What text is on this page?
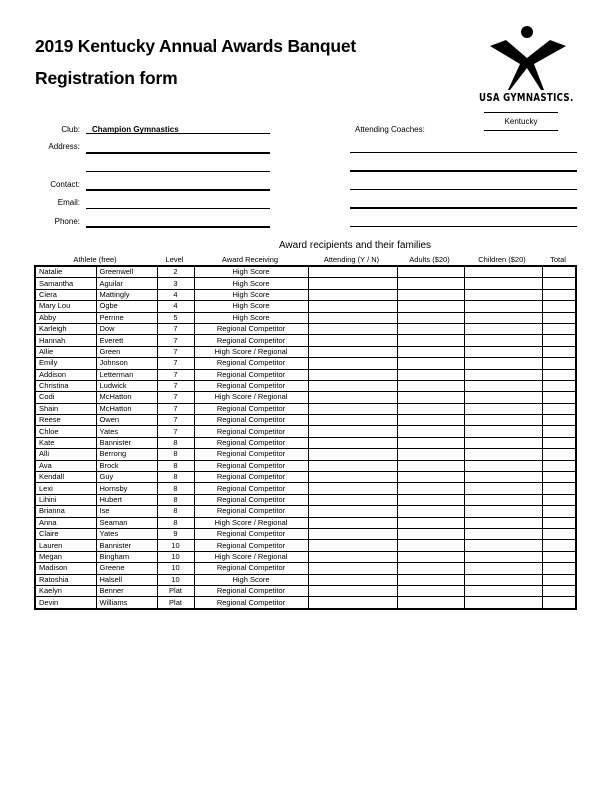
2019 Kentucky Annual Awards Banquet
Registration form
USA GYMNASTICS.
Kentucky
Club: Champion Gymnastics
Address:
Contact:
Email:
Phone:
Attending Coaches:
Award recipients and their families
Athlete (free)	Level	Award Receiving	Attending (Y / N)	Adults ($20)	Children ($20)	Total
Natalie	Greenwell	2	High Score				
Samantha	Aguilar	3	High Score				
Ciera	Mattingly	4	High Score				
Mary Lou	Ogbe	4	High Score				
Abby	Perrine	5	High Score				
Karleigh	Dow	7	Regional Competitor				
Hannah	Everett	7	Regional Competitor				
Allie	Green	7	High Score / Regional				
Emily	Johnson	7	Regional Competitor				
Addison	Letterman	7	Regional Competitor				
Christina	Ludwick	7	Regional Competitor				
Codi	McHatton	7	High Score / Regional				
Shain	McHatton	7	Regional Competitor				
Reese	Owen	7	Regional Competitor				
Chloe	Yates	7	Regional Competitor				
Kate	Bannister	8	Regional Competitor				
Alli	Berrong	8	Regional Competitor				
Ava	Brock	8	Regional Competitor				
Kendall	Guy	8	Regional Competitor				
Lexi	Hornsby	8	Regional Competitor				
Lihini	Hubert	8	Regional Competitor				
Brianna	Ise	8	Regional Competitor				
Anna	Seaman	8	High Score / Regional				
Claire	Yates	9	Regional Competitor				
Lauren	Bannister	10	Regional Competitor				
Megan	Bingham	10	High Score / Regional				
Madison	Greene	10	Regional Competitor				
Ratoshia	Halsell	10	High Score				
Kaelyn	Benner	Plat	Regional Competitor				
Devin	Williams	Plat	Regional Competitor				
